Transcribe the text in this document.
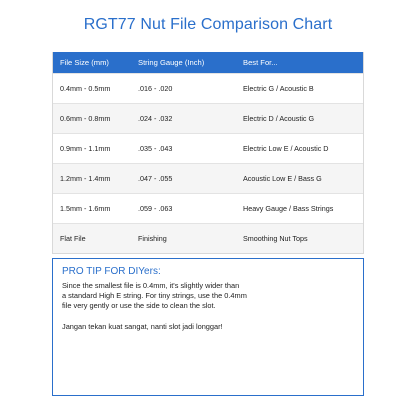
RGT77 Nut File Comparison Chart
File Size (mm)	String Gauge (Inch)	Best For...
0.4mm - 0.5mm	.016 - .020	Electric G / Acoustic B
0.6mm - 0.8mm	.024 - .032	Electric D / Acoustic G
0.9mm - 1.1mm	.035 - .043	Electric Low E / Acoustic D
1.2mm - 1.4mm	.047 - .055	Acoustic Low E / Bass G
1.5mm - 1.6mm	.059 - .063	Heavy Gauge / Bass Strings
Flat File	Finishing	Smoothing Nut Tops
PRO TIP FOR DIYers:
Since the smallest file is 0.4mm, it's slightly wider than
a standard High E string. For tiny strings, use the 0.4mm
file very gently or use the side to clean the slot.
Jangan tekan kuat sangat, nanti slot jadi longgar!
